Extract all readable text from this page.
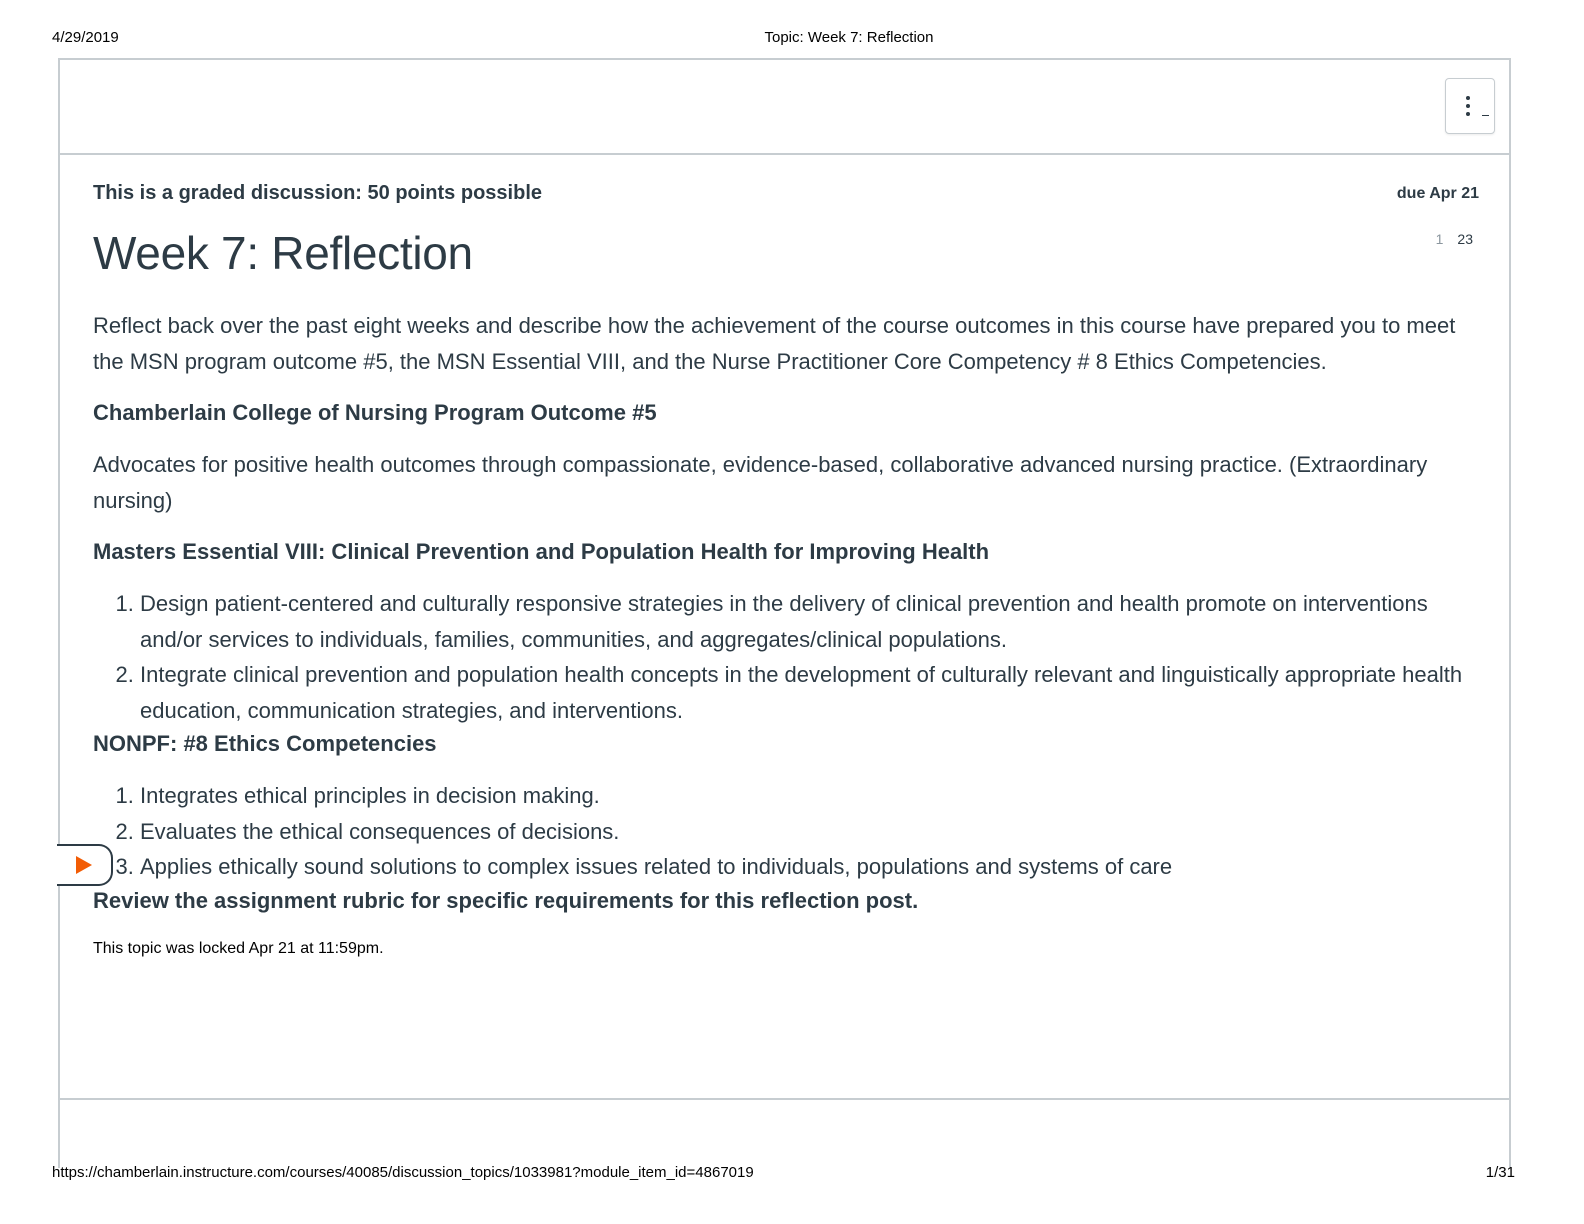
4/29/2019	Topic: Week 7: Reflection
This is a graded discussion: 50 points possible	due Apr 21
1 23
Week 7: Reflection

Reflect back over the past eight weeks and describe how the achievement of the course outcomes in this course have prepared you to meet the MSN program outcome #5, the MSN Essential VIII, and the Nurse Practitioner Core Competency # 8 Ethics Competencies.

Chamberlain College of Nursing Program Outcome #5

Advocates for positive health outcomes through compassionate, evidence-based, collaborative advanced nursing practice. (Extraordinary nursing)

Masters Essential VIII: Clinical Prevention and Population Health for Improving Health
1. Design patient-centered and culturally responsive strategies in the delivery of clinical prevention and health promote on interventions and/or services to individuals, families, communities, and aggregates/clinical populations.
2. Integrate clinical prevention and population health concepts in the development of culturally relevant and linguistically appropriate health education, communication strategies, and interventions.
NONPF: #8 Ethics Competencies
1. Integrates ethical principles in decision making.
2. Evaluates the ethical consequences of decisions.
3. Applies ethically sound solutions to complex issues related to individuals, populations and systems of care

Review the assignment rubric for specific requirements for this reflection post.

This topic was locked Apr 21 at 11:59pm.

https://chamberlain.instructure.com/courses/40085/discussion_topics/1033981?module_item_id=4867019	1/31
